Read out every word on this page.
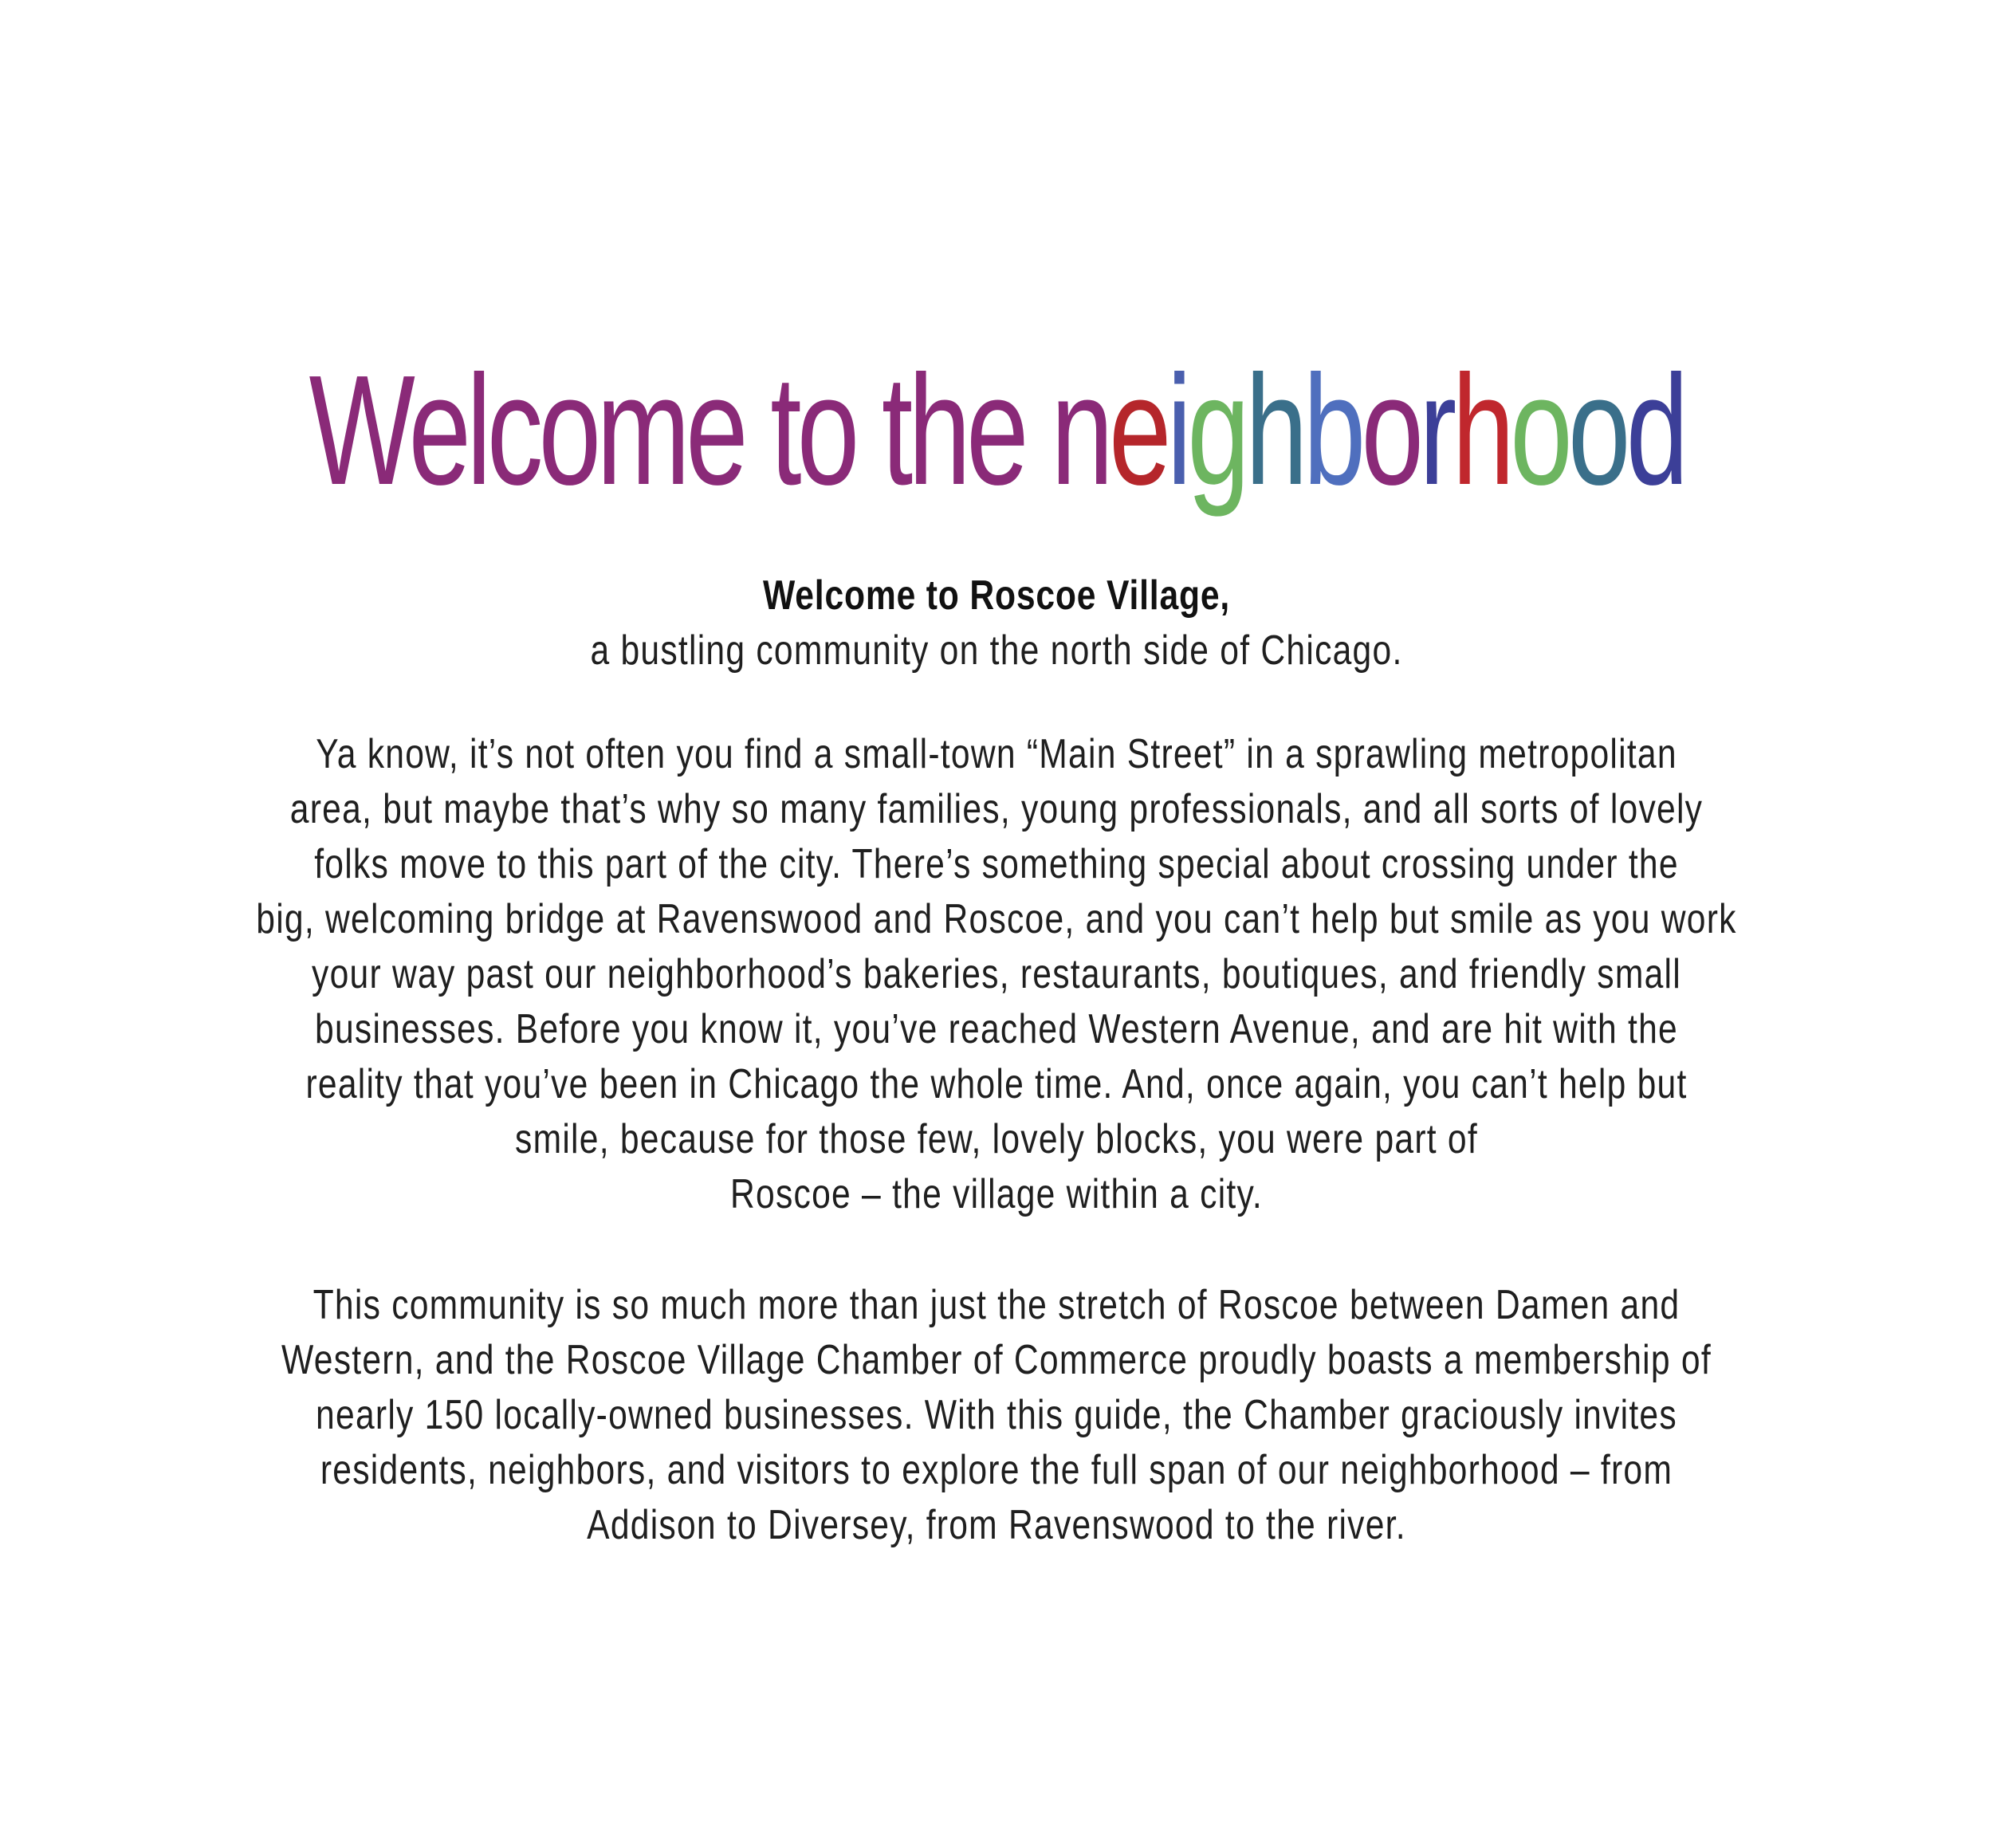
Welcome to the neighborhood
Welcome to Roscoe Village,
a bustling community on the north side of Chicago.
Ya know, it’s not often you find a small-town “Main Street” in a sprawling metropolitan
area, but maybe that’s why so many families, young professionals, and all sorts of lovely
folks move to this part of the city. There’s something special about crossing under the
big, welcoming bridge at Ravenswood and Roscoe, and you can’t help but smile as you work
your way past our neighborhood’s bakeries, restaurants, boutiques, and friendly small
businesses. Before you know it, you’ve reached Western Avenue, and are hit with the
reality that you’ve been in Chicago the whole time. And, once again, you can’t help but
smile, because for those few, lovely blocks, you were part of
Roscoe – the village within a city.
This community is so much more than just the stretch of Roscoe between Damen and
Western, and the Roscoe Village Chamber of Commerce proudly boasts a membership of
nearly 150 locally-owned businesses. With this guide, the Chamber graciously invites
residents, neighbors, and visitors to explore the full span of our neighborhood – from
Addison to Diversey, from Ravenswood to the river.
